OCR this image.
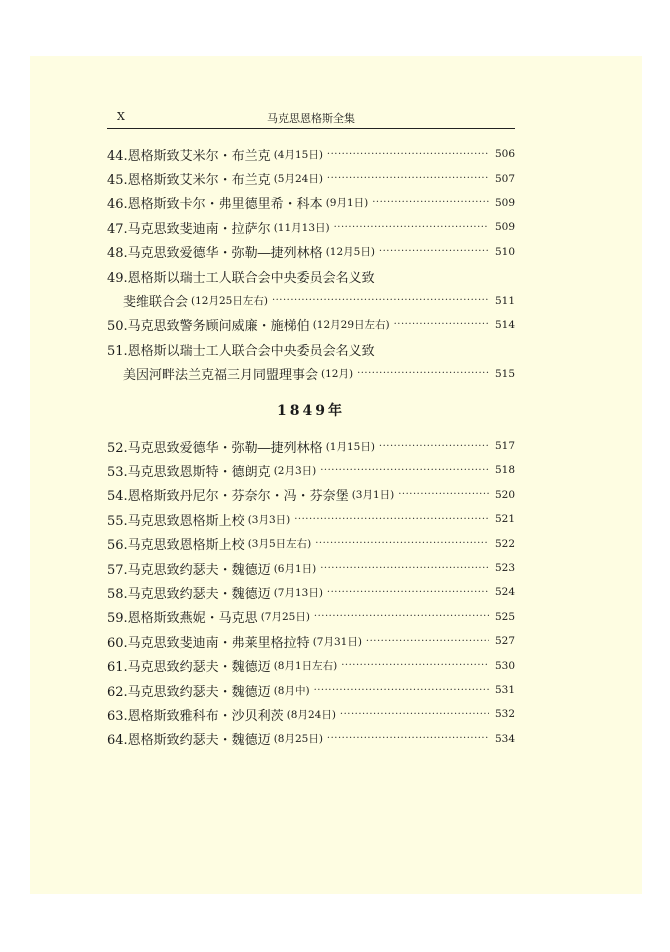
X	马克思恩格斯全集
44.恩格斯致艾米尔・布兰克 (4月15日) ·····	506
45.恩格斯致艾米尔・布兰克 (5月24日) ·····	507
46.恩格斯致卡尔・弗里德里希・科本 (9月1日) ·····	509
47.马克思致斐迪南・拉萨尔 (11月13日) ·····	509
48.马克思致爱德华・弥勒―捷列林格 (12月5日) ·····	510
49.恩格斯以瑞士工人联合会中央委员会名义致
斐维联合会 (12月25日左右) ·····	511
50.马克思致警务顾问威廉・施梯伯 (12月29日左右) ·····	514
51.恩格斯以瑞士工人联合会中央委员会名义致
美因河畔法兰克福三月同盟理事会 (12月) ·····	515
1849年
52.马克思致爱德华・弥勒―捷列林格 (1月15日) ·····	517
53.马克思致恩斯特・德朗克 (2月3日) ·····	518
54.恩格斯致丹尼尔・芬奈尔・冯・芬奈堡 (3月1日) ·····	520
55.马克思致恩格斯上校 (3月3日) ·····	521
56.马克思致恩格斯上校 (3月5日左右) ·····	522
57.马克思致约瑟夫・魏德迈 (6月1日) ·····	523
58.马克思致约瑟夫・魏德迈 (7月13日) ·····	524
59.恩格斯致燕妮・马克思 (7月25日) ·····	525
60.马克思致斐迪南・弗莱里格拉特 (7月31日) ·····	527
61.马克思致约瑟夫・魏德迈 (8月1日左右) ·····	530
62.马克思致约瑟夫・魏德迈 (8月中) ·····	531
63.恩格斯致雅科布・沙贝利茨 (8月24日) ·····	532
64.恩格斯致约瑟夫・魏德迈 (8月25日) ·····	534
